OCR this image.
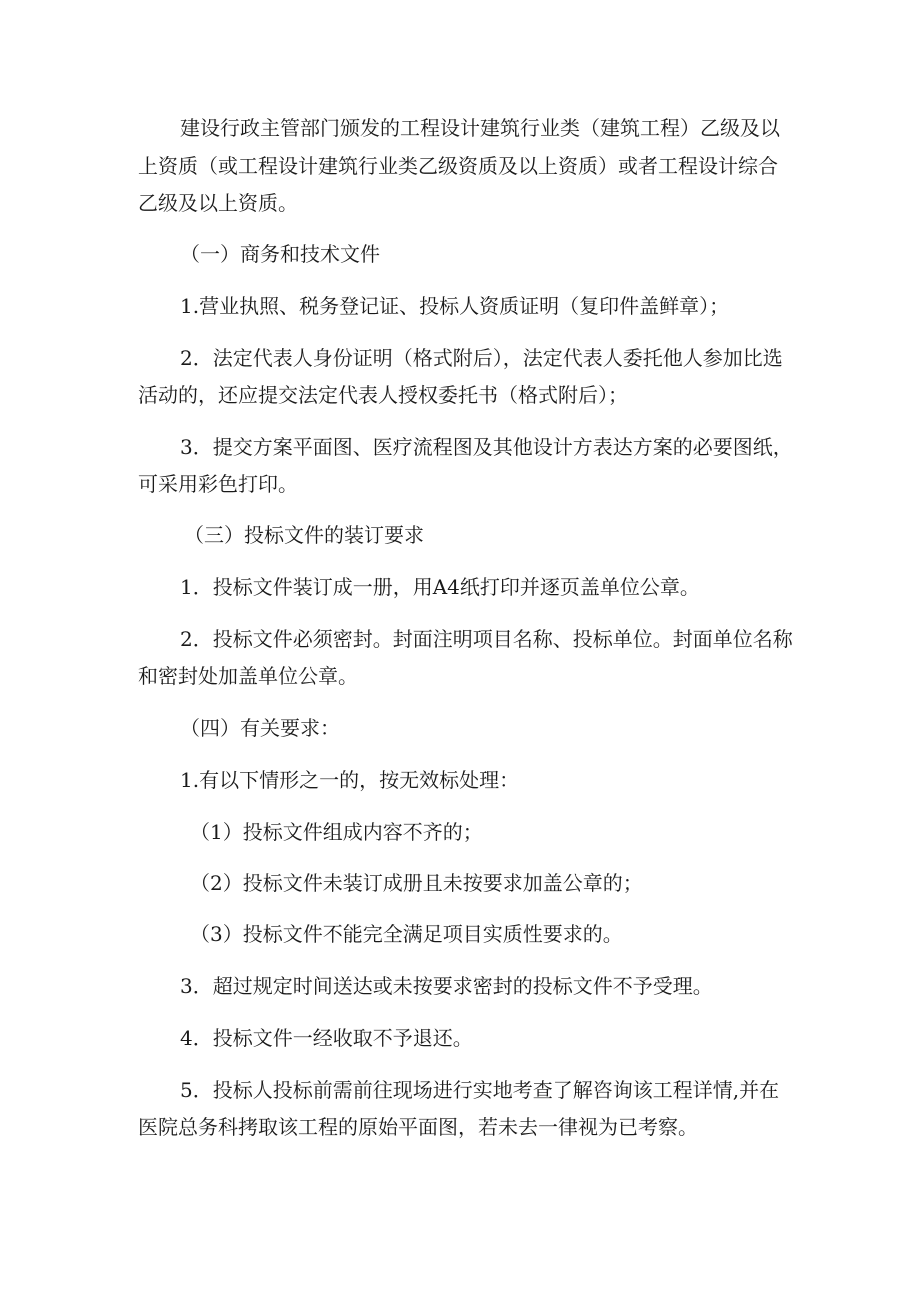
建设行政主管部门颁发的工程设计建筑行业类（建筑工程）乙级及以
上资质（或工程设计建筑行业类乙级资质及以上资质）或者工程设计综合
乙级及以上资质。
（一）商务和技术文件
1.营业执照、税务登记证、投标人资质证明（复印件盖鲜章）；
2．法定代表人身份证明（格式附后），法定代表人委托他人参加比选
活动的，还应提交法定代表人授权委托书（格式附后）；
3．提交方案平面图、医疗流程图及其他设计方表达方案的必要图纸，
可采用彩色打印。
（三）投标文件的装订要求
1．投标文件装订成一册，用A4纸打印并逐页盖单位公章。
2．投标文件必须密封。封面注明项目名称、投标单位。封面单位名称
和密封处加盖单位公章。
（四）有关要求：
1.有以下情形之一的，按无效标处理：
（1）投标文件组成内容不齐的；
（2）投标文件未装订成册且未按要求加盖公章的；
（3）投标文件不能完全满足项目实质性要求的。
3．超过规定时间送达或未按要求密封的投标文件不予受理。
4．投标文件一经收取不予退还。
5．投标人投标前需前往现场进行实地考查了解咨询该工程详情,并在
医院总务科拷取该工程的原始平面图，若未去一律视为已考察。
